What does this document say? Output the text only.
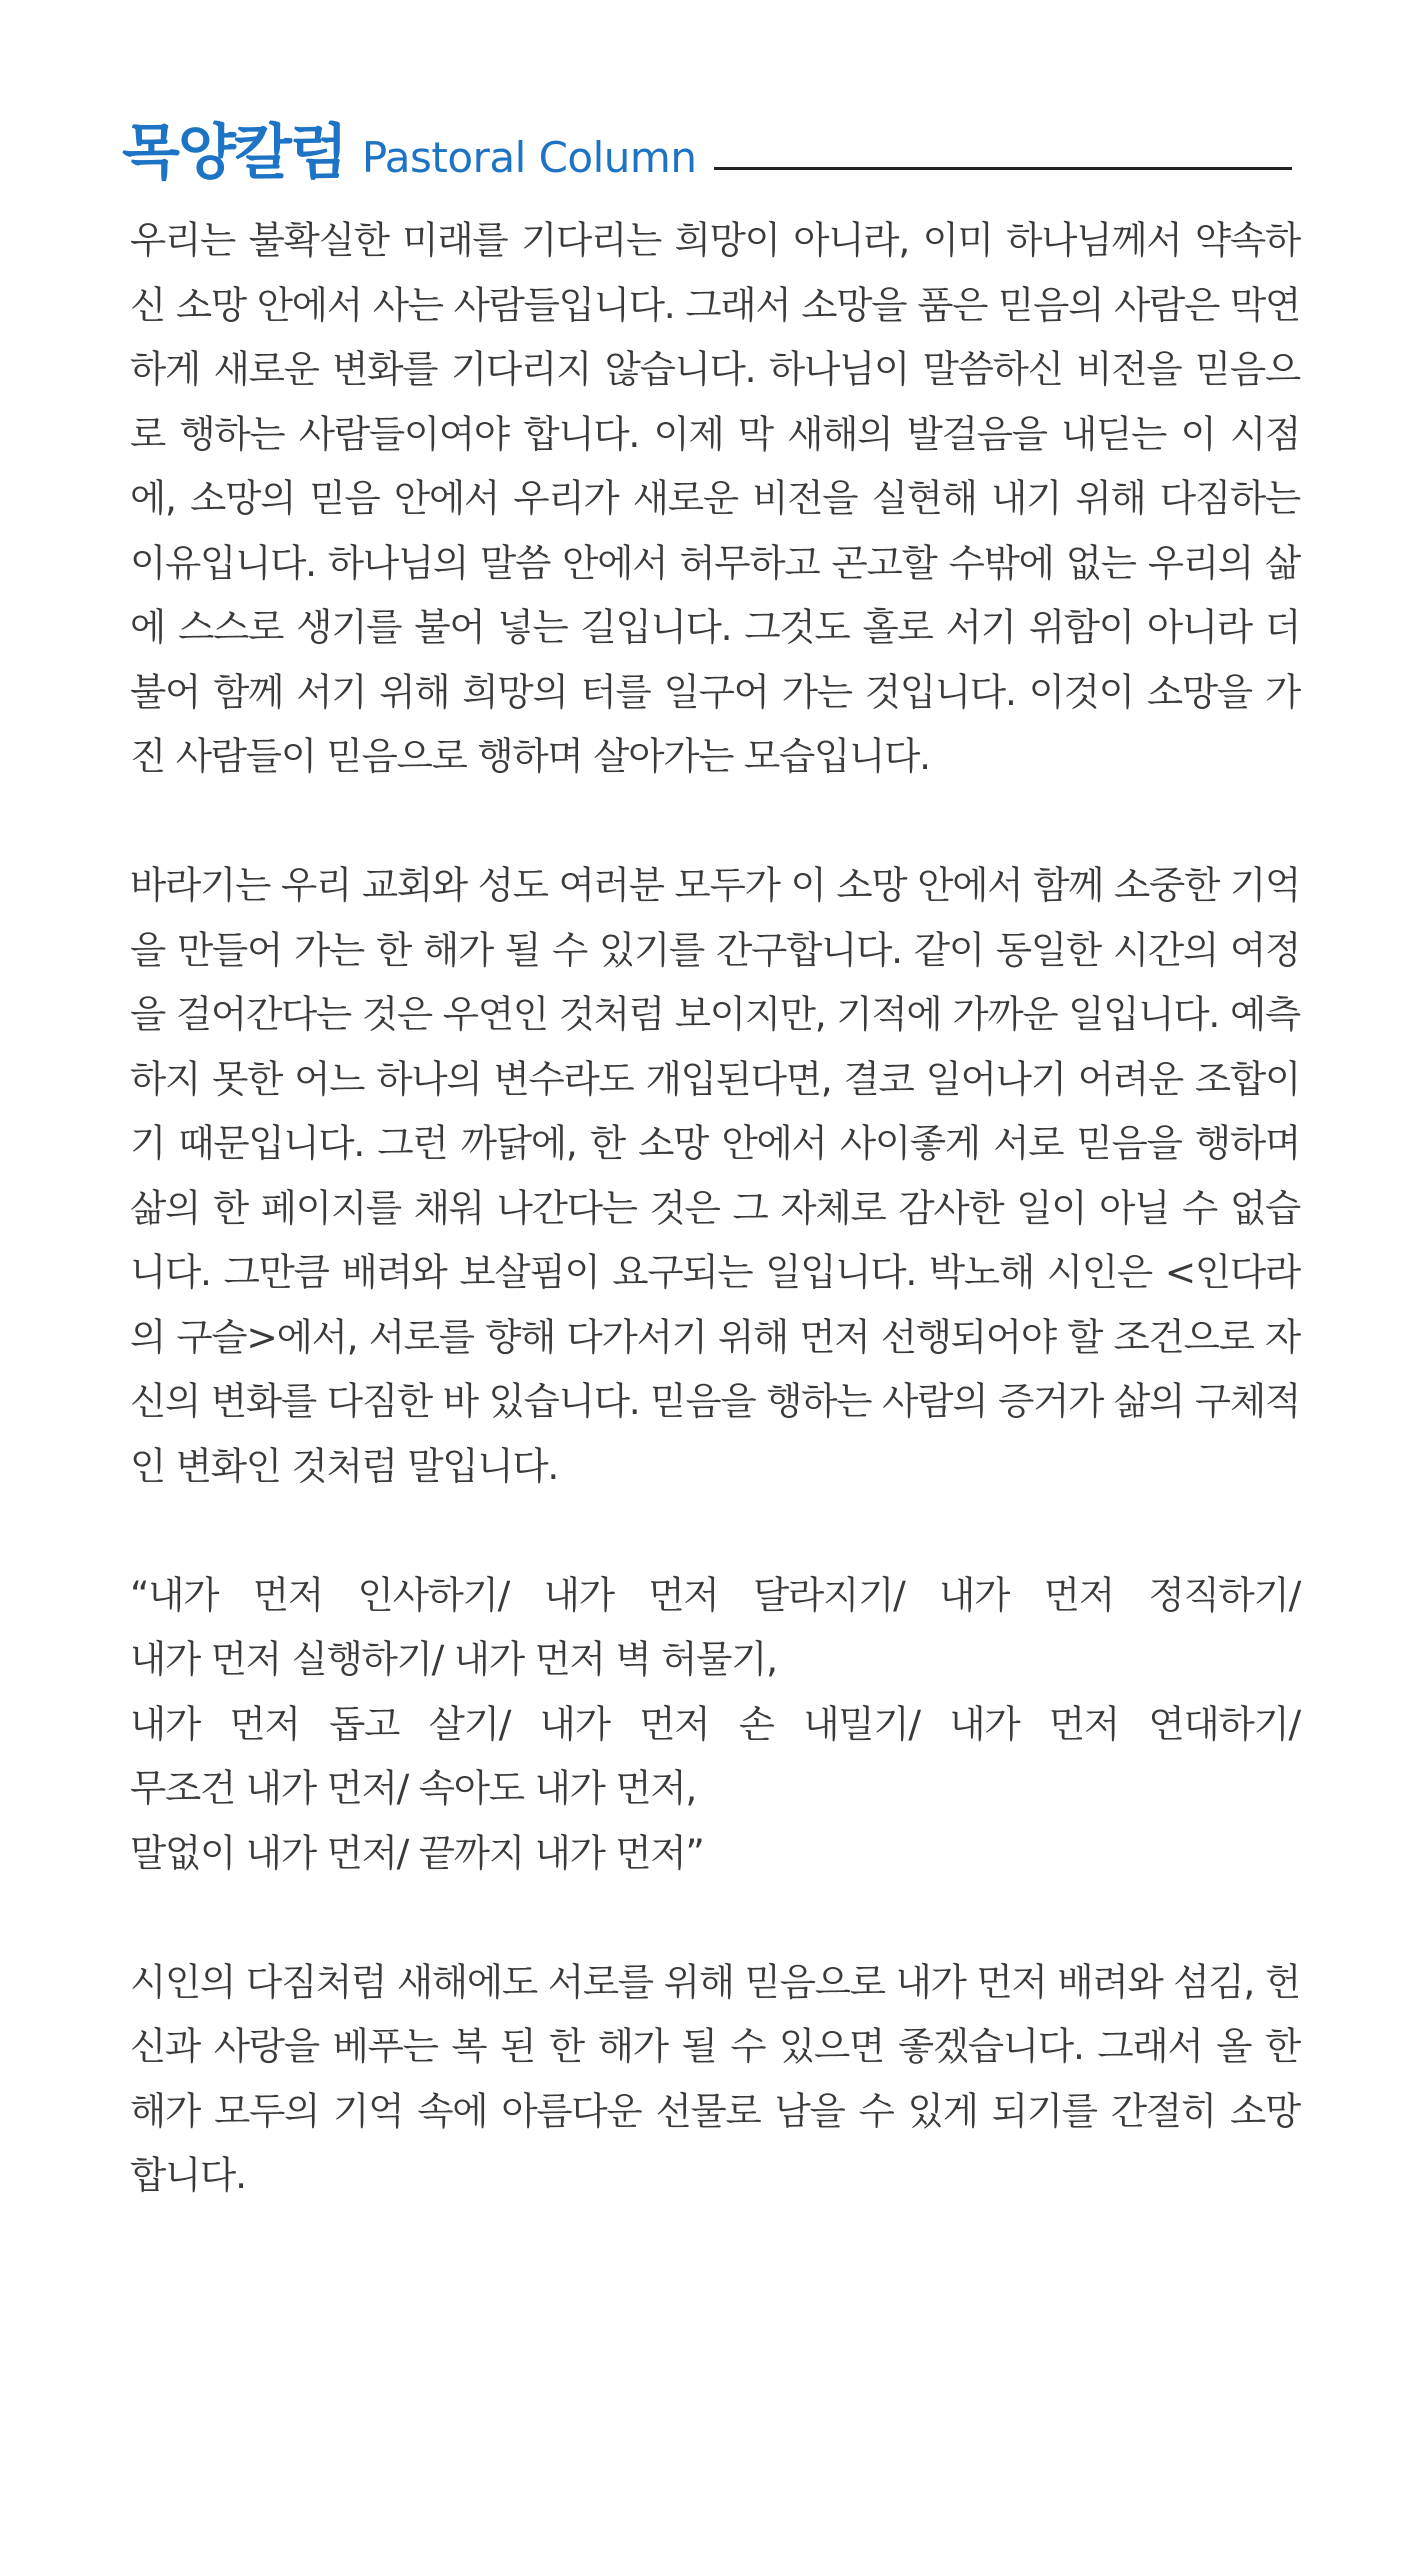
목양칼럼 Pastoral Column

우리는 불확실한 미래를 기다리는 희망이 아니라, 이미 하나님께서 약속하신 소망 안에서 사는 사람들입니다. 그래서 소망을 품은 믿음의 사람은 막연하게 새로운 변화를 기다리지 않습니다. 하나님이 말씀하신 비전을 믿음으로 행하는 사람들이여야 합니다. 이제 막 새해의 발걸음을 내딛는 이 시점에, 소망의 믿음 안에서 우리가 새로운 비전을 실현해 내기 위해 다짐하는 이유입니다. 하나님의 말씀 안에서 허무하고 곤고할 수밖에 없는 우리의 삶에 스스로 생기를 불어 넣는 길입니다. 그것도 홀로 서기 위함이 아니라 더불어 함께 서기 위해 희망의 터를 일구어 가는 것입니다. 이것이 소망을 가진 사람들이 믿음으로 행하며 살아가는 모습입니다.

바라기는 우리 교회와 성도 여러분 모두가 이 소망 안에서 함께 소중한 기억을 만들어 가는 한 해가 될 수 있기를 간구합니다. 같이 동일한 시간의 여정을 걸어간다는 것은 우연인 것처럼 보이지만, 기적에 가까운 일입니다. 예측하지 못한 어느 하나의 변수라도 개입된다면, 결코 일어나기 어려운 조합이기 때문입니다. 그런 까닭에, 한 소망 안에서 사이좋게 서로 믿음을 행하며 삶의 한 페이지를 채워 나간다는 것은 그 자체로 감사한 일이 아닐 수 없습니다. 그만큼 배려와 보살핌이 요구되는 일입니다. 박노해 시인은 <인다라의 구슬>에서, 서로를 향해 다가서기 위해 먼저 선행되어야 할 조건으로 자신의 변화를 다짐한 바 있습니다. 믿음을 행하는 사람의 증거가 삶의 구체적인 변화인 것처럼 말입니다.

“내가 먼저 인사하기/ 내가 먼저 달라지기/ 내가 먼저 정직하기/
내가 먼저 실행하기/ 내가 먼저 벽 허물기,
내가 먼저 돕고 살기/ 내가 먼저 손 내밀기/ 내가 먼저 연대하기/
무조건 내가 먼저/ 속아도 내가 먼저,
말없이 내가 먼저/ 끝까지 내가 먼저”

시인의 다짐처럼 새해에도 서로를 위해 믿음으로 내가 먼저 배려와 섬김, 헌신과 사랑을 베푸는 복 된 한 해가 될 수 있으면 좋겠습니다. 그래서 올 한 해가 모두의 기억 속에 아름다운 선물로 남을 수 있게 되기를 간절히 소망 합니다.
